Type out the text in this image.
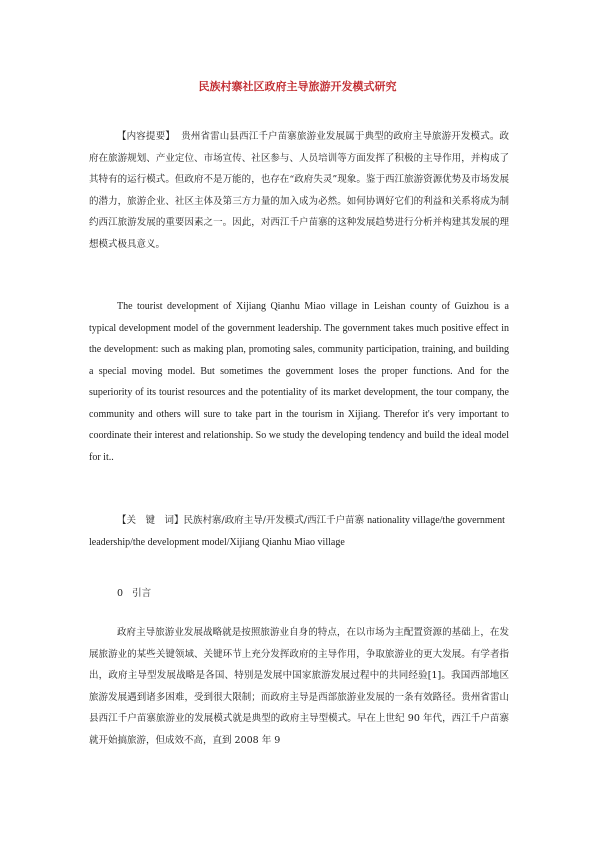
民族村寨社区政府主导旅游开发模式研究

【内容提要】 贵州省雷山县西江千户苗寨旅游业发展属于典型的政府主导旅游开发模式。政府在旅游规划、产业定位、市场宣传、社区参与、人员培训等方面发挥了积极的主导作用，并构成了其特有的运行模式。但政府不是万能的，也存在“政府失灵”现象。鉴于西江旅游资源优势及市场发展的潜力，旅游企业、社区主体及第三方力量的加入成为必然。如何协调好它们的利益和关系将成为制约西江旅游发展的重要因素之一。因此，对西江千户苗寨的这种发展趋势进行分析并构建其发展的理想模式极具意义。

The tourist development of Xijiang Qianhu Miao village in Leishan county of Guizhou is a typical development model of the government leadership. The government takes much positive effect in the development: such as making plan, promoting sales, community participation, training, and building a special moving model. But sometimes the government loses the proper functions. And for the superiority of its tourist resources and the potentiality of its market development, the tour company, the community and others will sure to take part in the tourism in Xijiang. Therefor it's very important to coordinate their interest and relationship. So we study the developing tendency and build the ideal model for it..

【关　键　词】民族村寨/政府主导/开发模式/西江千户苗寨 nationality village/the government leadership/the development model/Xijiang Qianhu Miao village

0 引言

政府主导旅游业发展战略就是按照旅游业自身的特点，在以市场为主配置资源的基础上，在发展旅游业的某些关键领域、关键环节上充分发挥政府的主导作用，争取旅游业的更大发展。有学者指出，政府主导型发展战略是各国、特别是发展中国家旅游发展过程中的共同经验[1]。我国西部地区旅游发展遇到诸多困难，受到很大限制；而政府主导是西部旅游业发展的一条有效路径。贵州省雷山县西江千户苗寨旅游业的发展模式就是典型的政府主导型模式。早在上世纪 90 年代，西江千户苗寨就开始搞旅游，但成效不高，直到 2008 年 9
